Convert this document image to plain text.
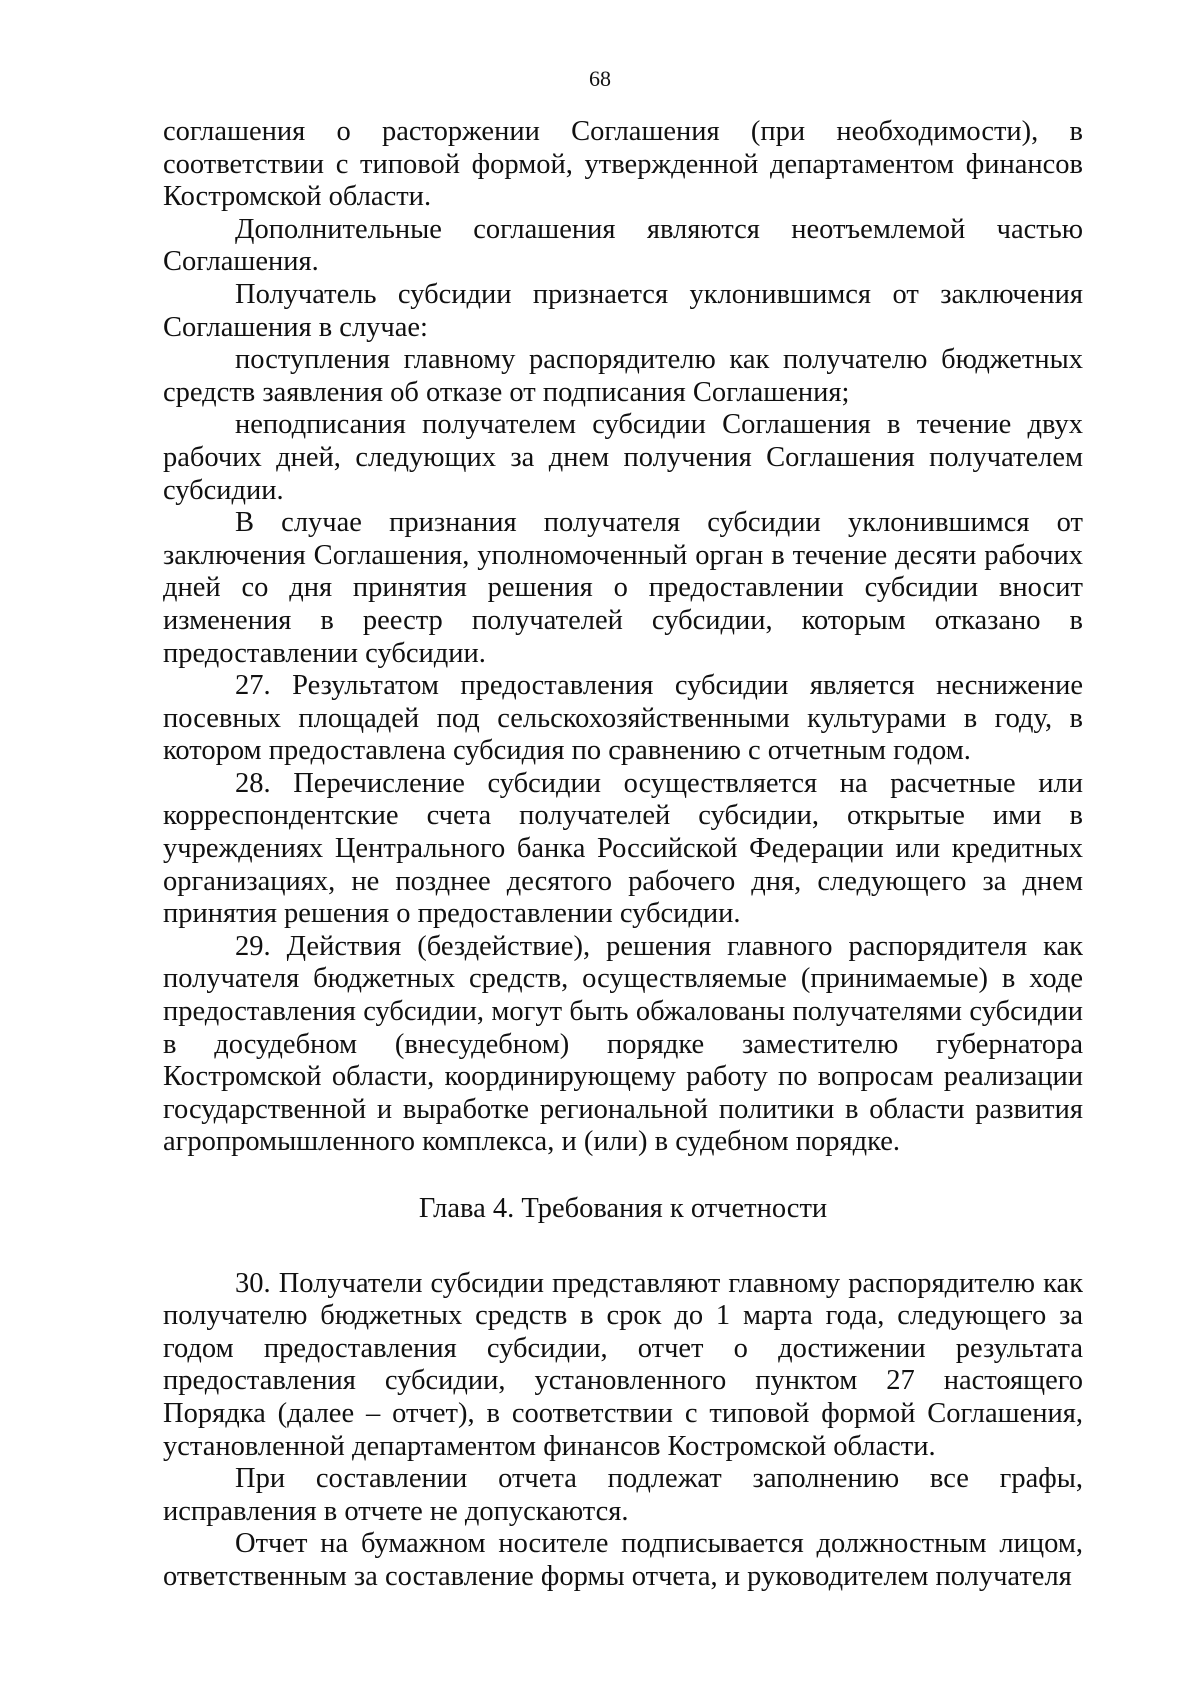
68

соглашения о расторжении Соглашения (при необходимости), в соответствии с типовой формой, утвержденной департаментом финансов Костромской области.

Дополнительные соглашения являются неотъемлемой частью Соглашения.

Получатель субсидии признается уклонившимся от заключения Соглашения в случае:

поступления главному распорядителю как получателю бюджетных средств заявления об отказе от подписания Соглашения;

неподписания получателем субсидии Соглашения в течение двух рабочих дней, следующих за днем получения Соглашения получателем субсидии.

В случае признания получателя субсидии уклонившимся от заключения Соглашения, уполномоченный орган в течение десяти рабочих дней со дня принятия решения о предоставлении субсидии вносит изменения в реестр получателей субсидии, которым отказано в предоставлении субсидии.

27. Результатом предоставления субсидии является неснижение посевных площадей под сельскохозяйственными культурами в году, в котором предоставлена субсидия по сравнению с отчетным годом.

28. Перечисление субсидии осуществляется на расчетные или корреспондентские счета получателей субсидии, открытые ими в учреждениях Центрального банка Российской Федерации или кредитных организациях, не позднее десятого рабочего дня, следующего за днем принятия решения о предоставлении субсидии.

29. Действия (бездействие), решения главного распорядителя как получателя бюджетных средств, осуществляемые (принимаемые) в ходе предоставления субсидии, могут быть обжалованы получателями субсидии в досудебном (внесудебном) порядке заместителю губернатора Костромской области, координирующему работу по вопросам реализации государственной и выработке региональной политики в области развития агропромышленного комплекса, и (или) в судебном порядке.

Глава 4. Требования к отчетности

30. Получатели субсидии представляют главному распорядителю как получателю бюджетных средств в срок до 1 марта года, следующего за годом предоставления субсидии, отчет о достижении результата предоставления субсидии, установленного пунктом 27 настоящего Порядка (далее – отчет), в соответствии с типовой формой Соглашения, установленной департаментом финансов Костромской области.

При составлении отчета подлежат заполнению все графы, исправления в отчете не допускаются.

Отчет на бумажном носителе подписывается должностным лицом, ответственным за составление формы отчета, и руководителем получателя
